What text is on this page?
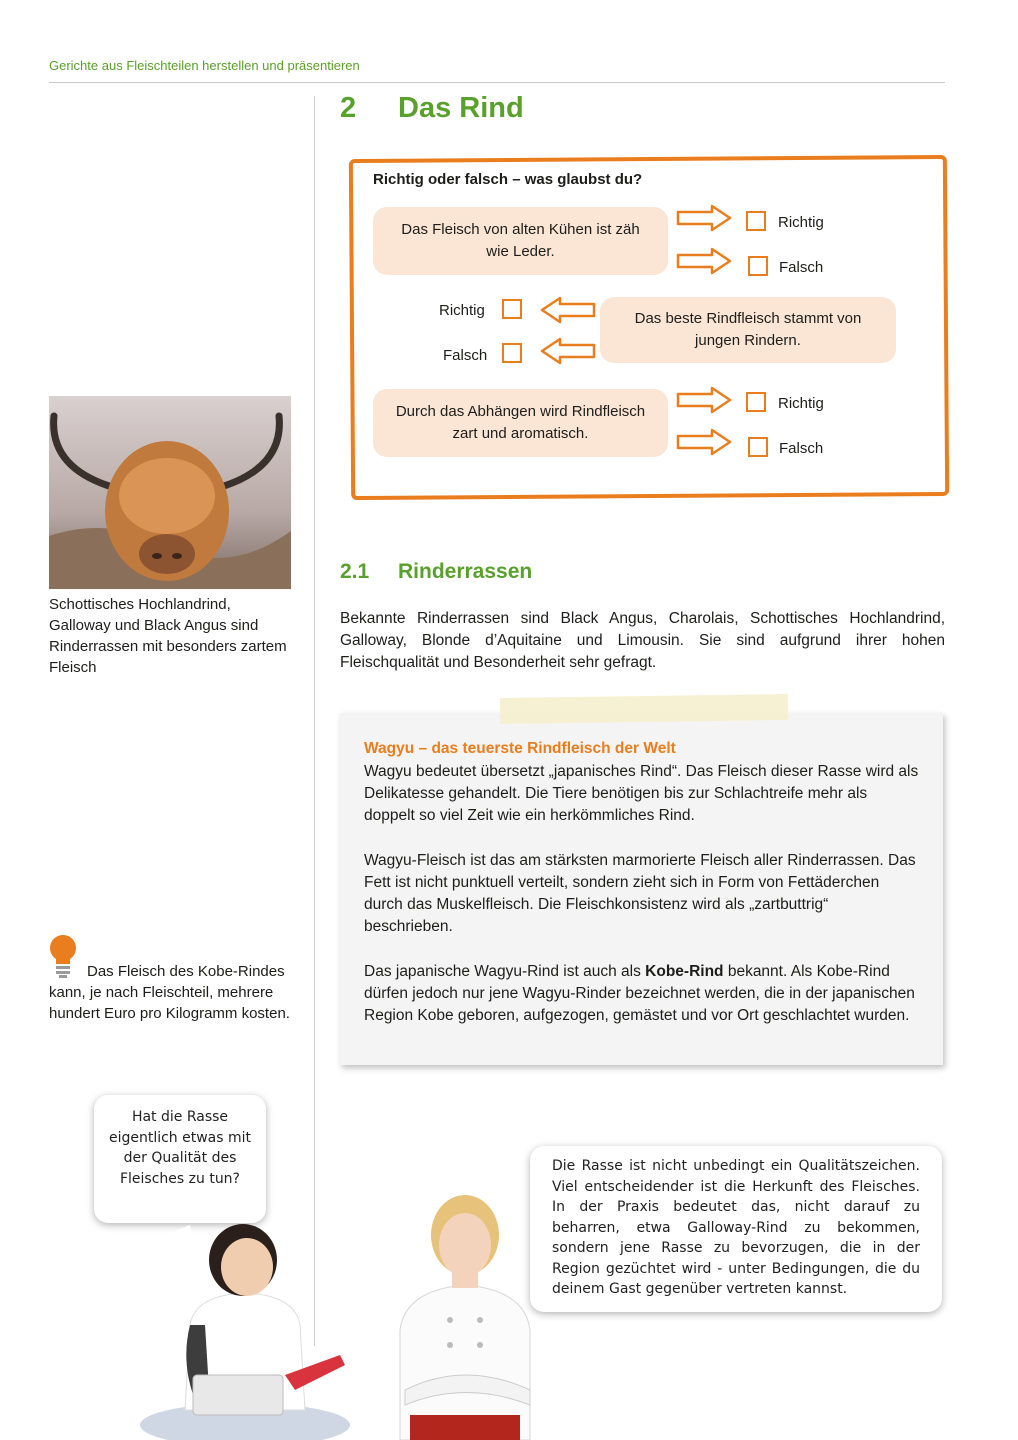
Gerichte aus Fleischteilen herstellen und präsentieren
2 Das Rind
Richtig oder falsch – was glaubst du?
Das Fleisch von alten Kühen ist zäh wie Leder.
Richtig
Falsch
Das beste Rindfleisch stammt von jungen Rindern.
Richtig
Falsch
Durch das Abhängen wird Rindfleisch zart und aromatisch.
Richtig
Falsch
2.1 Rinderrassen
Bekannte Rinderrassen sind Black Angus, Charolais, Schottisches Hochlandrind, Galloway, Blonde d’Aquitaine und Limousin. Sie sind aufgrund ihrer hohen Fleischqualität und Besonderheit sehr gefragt.
Wagyu – das teuerste Rindfleisch der Welt
Wagyu bedeutet übersetzt „japanisches Rind“. Das Fleisch dieser Rasse wird als Delikatesse gehandelt. Die Tiere benötigen bis zur Schlachtreife mehr als doppelt so viel Zeit wie ein herkömmliches Rind.
Wagyu-Fleisch ist das am stärksten marmorierte Fleisch aller Rinderrassen. Das Fett ist nicht punktuell verteilt, sondern zieht sich in Form von Fettäderchen durch das Muskelfleisch. Die Fleischkonsistenz wird als „zartbuttrig“ beschrieben.
Das japanische Wagyu-Rind ist auch als Kobe-Rind bekannt. Als Kobe-Rind dürfen jedoch nur jene Wagyu-Rinder bezeichnet werden, die in der japanischen Region Kobe geboren, aufgezogen, gemästet und vor Ort geschlachtet wurden.
Schottisches Hochlandrind, Galloway und Black Angus sind Rinderrassen mit besonders zartem Fleisch
Das Fleisch des Kobe-Rindes kann, je nach Fleischteil, mehrere hundert Euro pro Kilogramm kosten.
Hat die Rasse eigentlich etwas mit der Qualität des Fleisches zu tun?
Die Rasse ist nicht unbedingt ein Qualitätszeichen. Viel entscheidender ist die Herkunft des Fleisches. In der Praxis bedeutet das, nicht darauf zu beharren, etwa Galloway-Rind zu bekommen, sondern jene Rasse zu bevorzugen, die in der Region gezüchtet wird - unter Bedingungen, die du deinem Gast gegenüber vertreten kannst.
